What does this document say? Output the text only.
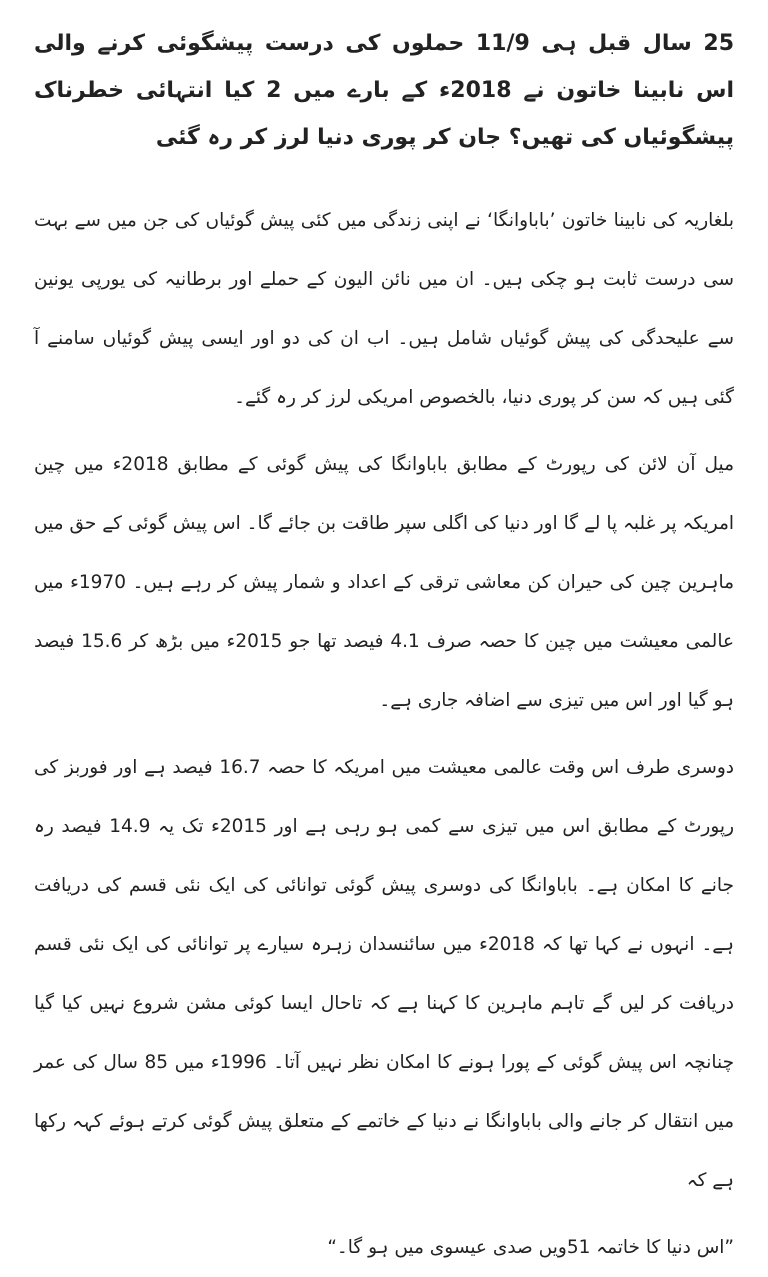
25 سال قبل ہی 11/9 حملوں کی درست پیشگوئی کرنے والی اس نابینا خاتون نے 2018ء کے بارے میں 2 کیا انتہائی خطرناک پیشگوئیاں کی تھیں؟ جان کر پوری دنیا لرز کر رہ گئی

بلغاریہ کی نابینا خاتون ’باباوانگا‘ نے اپنی زندگی میں کئی پیش گوئیاں کی جن میں سے بہت سی درست ثابت ہو چکی ہیں۔ ان میں نائن الیون کے حملے اور برطانیہ کی یورپی یونین سے علیحدگی کی پیش گوئیاں شامل ہیں۔ اب ان کی دو اور ایسی پیش گوئیاں سامنے آ گئی ہیں کہ سن کر پوری دنیا، بالخصوص امریکی لرز کر رہ گئے۔

میل آن لائن کی رپورٹ کے مطابق باباوانگا کی پیش گوئی کے مطابق 2018ء میں چین امریکہ پر غلبہ پا لے گا اور دنیا کی اگلی سپر طاقت بن جائے گا۔ اس پیش گوئی کے حق میں ماہرین چین کی حیران کن معاشی ترقی کے اعداد و شمار پیش کر رہے ہیں۔ 1970ء میں عالمی معیشت میں چین کا حصہ صرف 4.1 فیصد تھا جو 2015ء میں بڑھ کر 15.6 فیصد ہو گیا اور اس میں تیزی سے اضافہ جاری ہے۔

دوسری طرف اس وقت عالمی معیشت میں امریکہ کا حصہ 16.7 فیصد ہے اور فوربز کی رپورٹ کے مطابق اس میں تیزی سے کمی ہو رہی ہے اور 2015ء تک یہ 14.9 فیصد رہ جانے کا امکان ہے۔ باباوانگا کی دوسری پیش گوئی توانائی کی ایک نئی قسم کی دریافت ہے۔ انہوں نے کہا تھا کہ 2018ء میں سائنسدان زہرہ سیارے پر توانائی کی ایک نئی قسم دریافت کر لیں گے تاہم ماہرین کا کہنا ہے کہ تاحال ایسا کوئی مشن شروع نہیں کیا گیا چنانچہ اس پیش گوئی کے پورا ہونے کا امکان نظر نہیں آتا۔ 1996ء میں 85 سال کی عمر میں انتقال کر جانے والی باباوانگا نے دنیا کے خاتمے کے متعلق پیش گوئی کرتے ہوئے کہہ رکھا ہے کہ

”اس دنیا کا خاتمہ 51ویں صدی عیسوی میں ہو گا۔“
